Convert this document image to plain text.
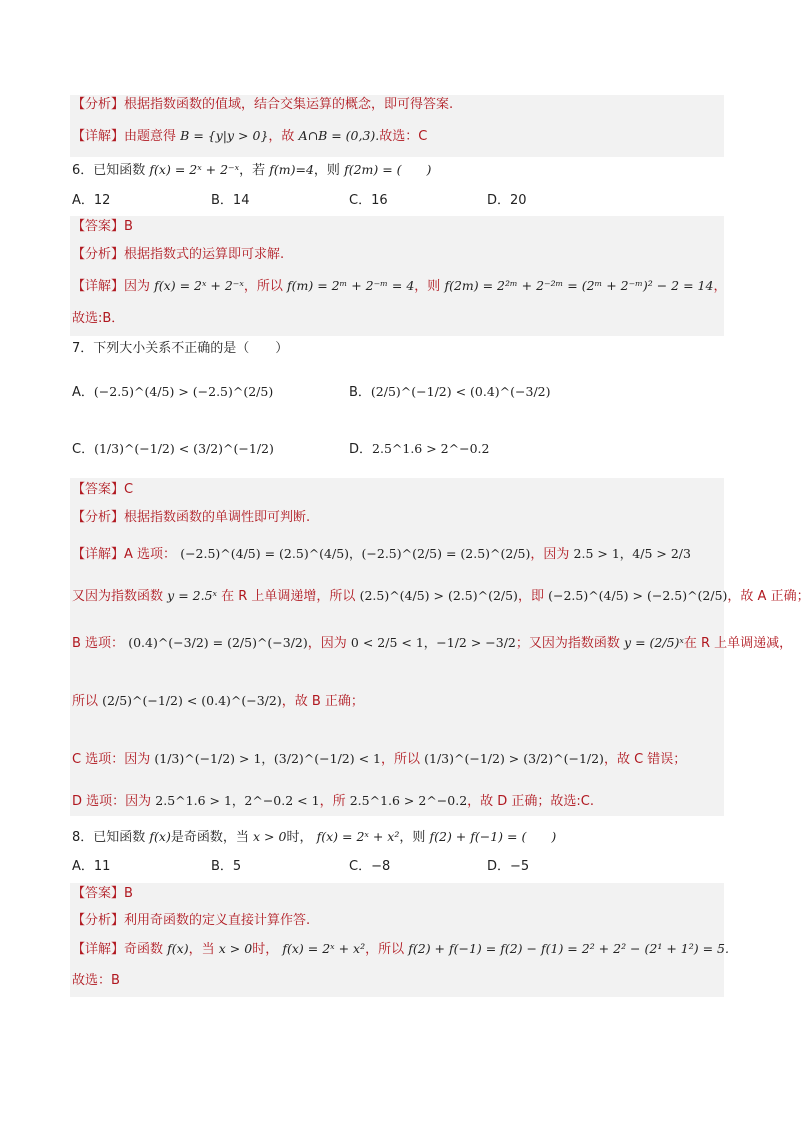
【分析】根据指数函数的值域，结合交集运算的概念，即可得答案.
【详解】由题意得 B = {y|y > 0}，故 A∩B = (0,3).故选：C
6．已知函数 f(x) = 2ˣ + 2⁻ˣ，若 f(m)=4，则 f(2m) = (　　)
A．12	B．14	C．16	D．20
【答案】B
【分析】根据指数式的运算即可求解.
【详解】因为 f(x) = 2ˣ + 2⁻ˣ，所以 f(m) = 2ᵐ + 2⁻ᵐ = 4，则 f(2m) = 2²ᵐ + 2⁻²ᵐ = (2ᵐ + 2⁻ᵐ)² − 2 = 14，
故选:B．
7．下列大小关系不正确的是（　　）
A．(−2.5)^(4/5) > (−2.5)^(2/5)	B．(2/5)^(−1/2) < (0.4)^(−3/2)
C．(1/3)^(−1/2) < (3/2)^(−1/2)	D．2.5^1.6 > 2^−0.2
【答案】C
【分析】根据指数函数的单调性即可判断.
【详解】A 选项： (−2.5)^(4/5) = (2.5)^(4/5)，(−2.5)^(2/5) = (2.5)^(2/5)，因为 2.5 > 1，4/5 > 2/3
又因为指数函数 y = 2.5ˣ 在 R 上单调递增，所以 (2.5)^(4/5) > (2.5)^(2/5)，即 (−2.5)^(4/5) > (−2.5)^(2/5)，故 A 正确；
B 选项： (0.4)^(−3/2) = (2/5)^(−3/2)，因为 0 < 2/5 < 1，−1/2 > −3/2；又因为指数函数 y = (2/5)ˣ在 R 上单调递减，
所以 (2/5)^(−1/2) < (0.4)^(−3/2)，故 B 正确；
C 选项：因为 (1/3)^(−1/2) > 1，(3/2)^(−1/2) < 1，所以 (1/3)^(−1/2) > (3/2)^(−1/2)，故 C 错误；
D 选项：因为 2.5^1.6 > 1，2^−0.2 < 1，所 2.5^1.6 > 2^−0.2，故 D 正确；故选:C.
8．已知函数 f(x)是奇函数，当 x > 0时， f(x) = 2ˣ + x²，则 f(2) + f(−1) = (　　)
A．11	B．5	C．−8	D．−5
【答案】B
【分析】利用奇函数的定义直接计算作答.
【详解】奇函数 f(x)，当 x > 0时， f(x) = 2ˣ + x²，所以 f(2) + f(−1) = f(2) − f(1) = 2² + 2² − (2¹ + 1²) = 5.
故选：B
